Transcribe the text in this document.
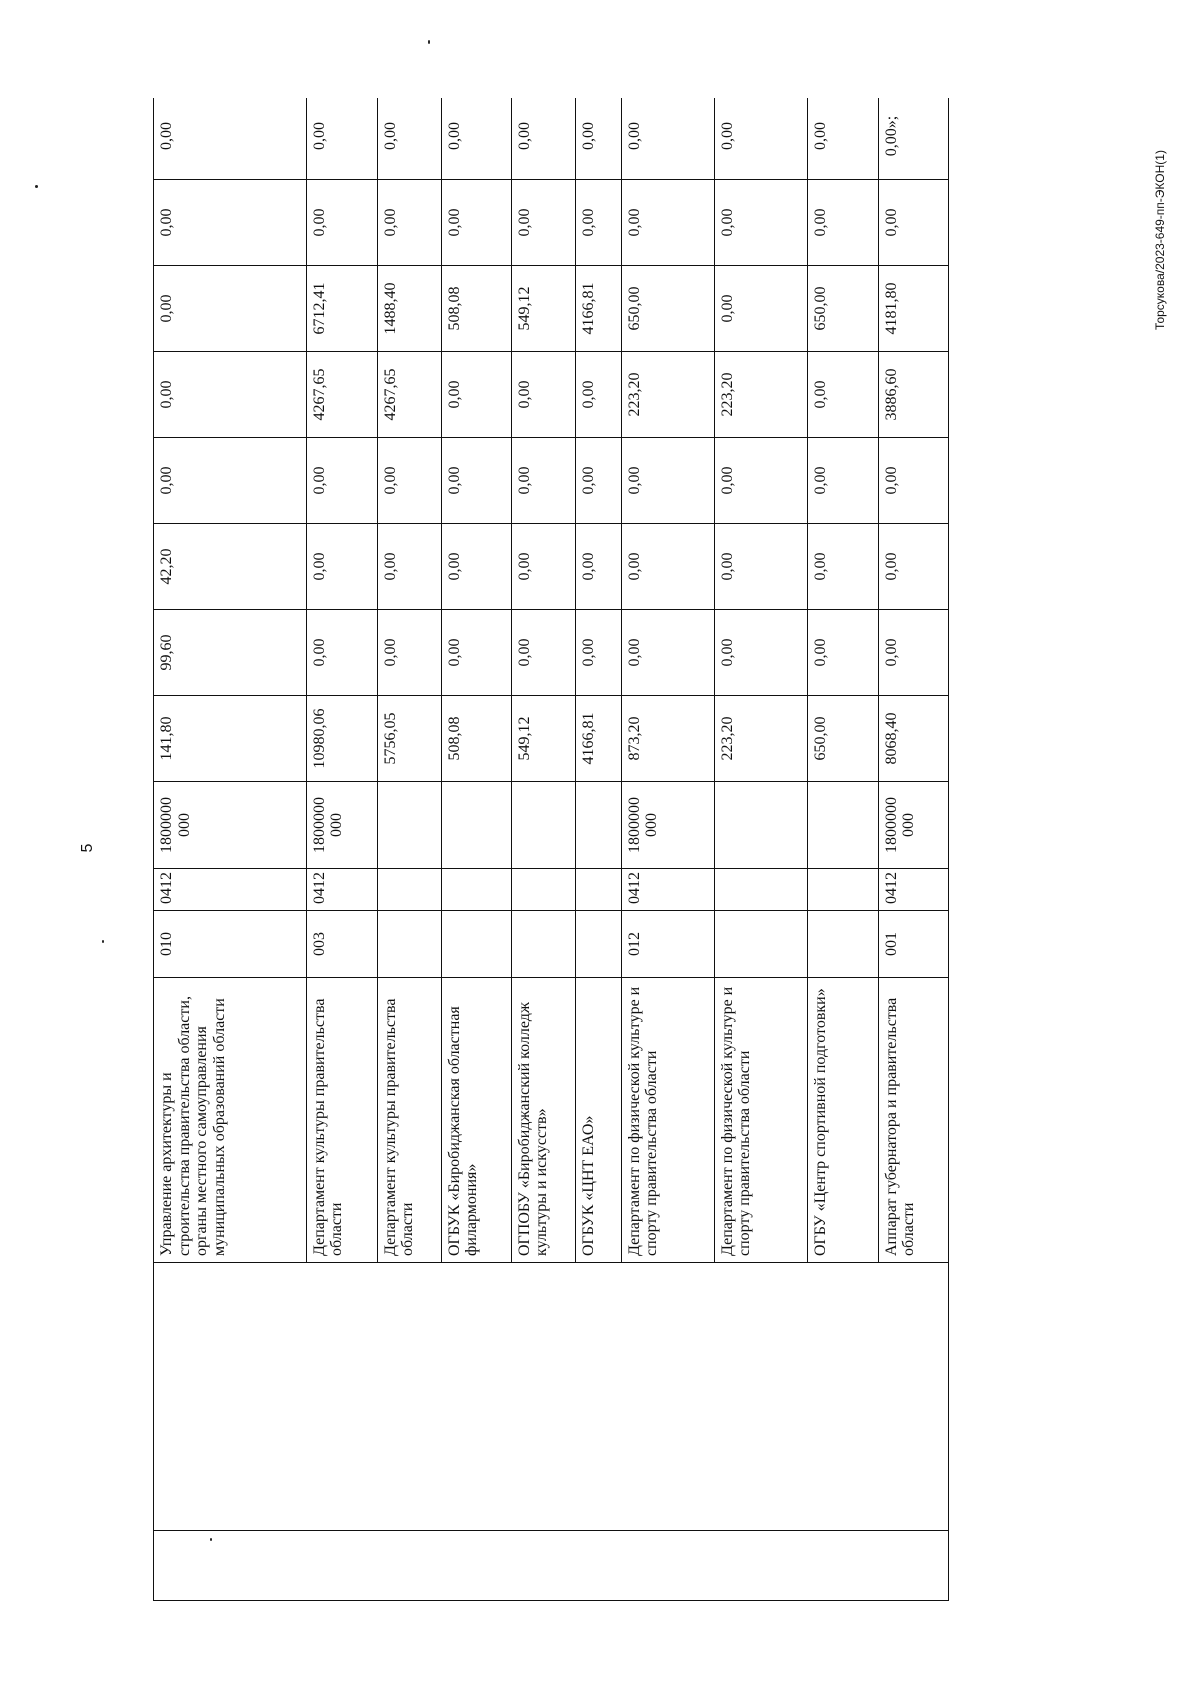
5
Торсукова/2023-649-пп-ЭКОН(1)
		Управление архитектуры и строительства правительства области, органы местного самоуправления муниципальных образований области	010	0412	1800000 000	141,80	99,60	42,20	0,00	0,00	0,00	0,00	0,00
		Департамент культуры правительства области	003	0412	1800000 000	10980,06	0,00	0,00	0,00	4267,65	6712,41	0,00	0,00
		Департамент культуры правительства области				5756,05	0,00	0,00	0,00	4267,65	1488,40	0,00	0,00
		ОГБУК «Биробиджанская областная филармония»				508,08	0,00	0,00	0,00	0,00	508,08	0,00	0,00
		ОГПОБУ «Биробиджанский колледж культуры и искусств»				549,12	0,00	0,00	0,00	0,00	549,12	0,00	0,00
		ОГБУК «ЦНТ ЕАО»				4166,81	0,00	0,00	0,00	0,00	4166,81	0,00	0,00
		Департамент по физической культуре и спорту правительства области	012	0412	1800000 000	873,20	0,00	0,00	0,00	223,20	650,00	0,00	0,00
		Департамент по физической культуре и спорту правительства области				223,20	0,00	0,00	0,00	223,20	0,00	0,00	0,00
		ОГБУ «Центр спортивной подготовки»				650,00	0,00	0,00	0,00	0,00	650,00	0,00	0,00
		Аппарат губернатора и правительства области	001	0412	1800000 000	8068,40	0,00	0,00	0,00	3886,60	4181,80	0,00	0,00»;
